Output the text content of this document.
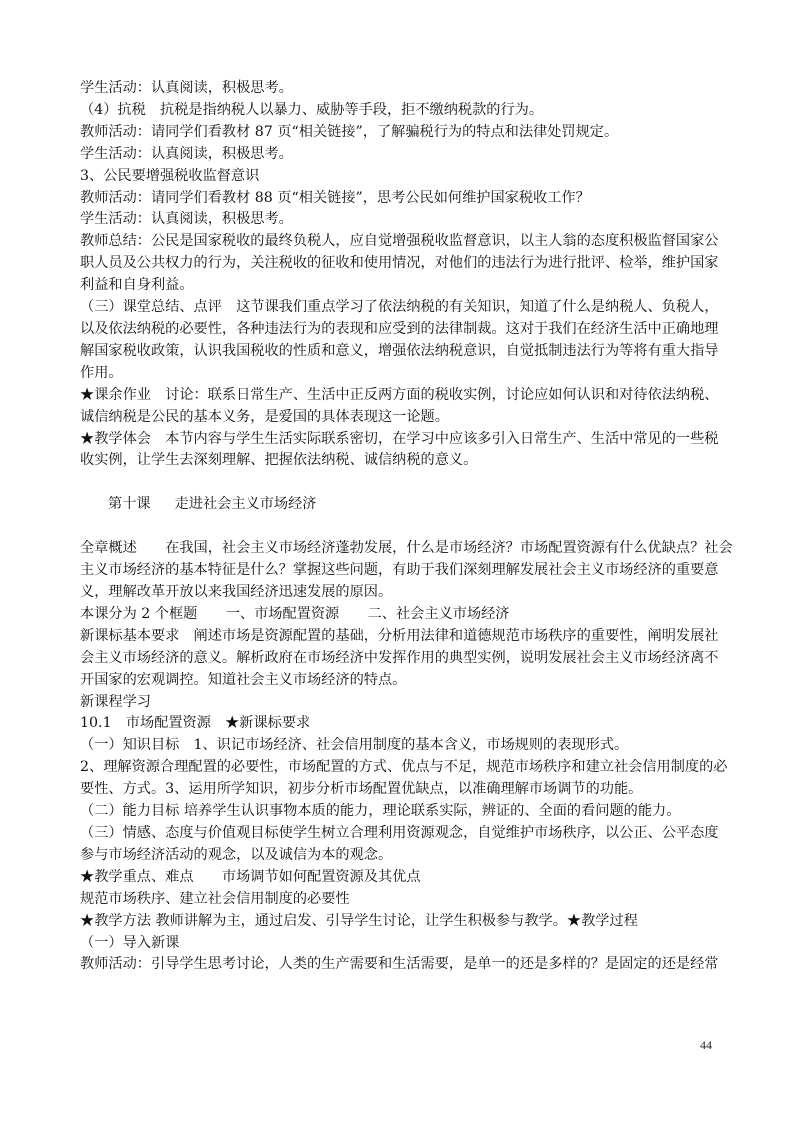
学生活动：认真阅读，积极思考。

（4）抗税　抗税是指纳税人以暴力、威胁等手段，拒不缴纳税款的行为。

教师活动：请同学们看教材 87 页“相关链接”，了解骗税行为的特点和法律处罚规定。

学生活动：认真阅读，积极思考。

3、公民要增强税收监督意识

教师活动：请同学们看教材 88 页“相关链接”，思考公民如何维护国家税收工作？

学生活动：认真阅读，积极思考。

教师总结：公民是国家税收的最终负税人，应自觉增强税收监督意识，以主人翁的态度积极监督国家公

职人员及公共权力的行为，关注税收的征收和使用情况，对他们的违法行为进行批评、检举，维护国家

利益和自身利益。

（三）课堂总结、点评　这节课我们重点学习了依法纳税的有关知识，知道了什么是纳税人、负税人，

以及依法纳税的必要性，各种违法行为的表现和应受到的法律制裁。这对于我们在经济生活中正确地理

解国家税收政策，认识我国税收的性质和意义，增强依法纳税意识，自觉抵制违法行为等将有重大指导

作用。

★课余作业　讨论：联系日常生产、生活中正反两方面的税收实例，讨论应如何认识和对待依法纳税、

诚信纳税是公民的基本义务，是爱国的具体表现这一论题。

★教学体会　本节内容与学生生活实际联系密切，在学习中应该多引入日常生产、生活中常见的一些税

收实例，让学生去深刻理解、把握依法纳税、诚信纳税的意义。

第十课 走进社会主义市场经济

全章概述　　在我国，社会主义市场经济蓬勃发展，什么是市场经济？市场配置资源有什么优缺点？社会

主义市场经济的基本特征是什么？掌握这些问题，有助于我们深刻理解发展社会主义市场经济的重要意

义，理解改革开放以来我国经济迅速发展的原因。

本课分为 2 个框题　　一、市场配置资源　　二、社会主义市场经济

新课标基本要求　阐述市场是资源配置的基础，分析用法律和道德规范市场秩序的重要性，阐明发展社

会主义市场经济的意义。解析政府在市场经济中发挥作用的典型实例，说明发展社会主义市场经济离不

开国家的宏观调控。知道社会主义市场经济的特点。

新课程学习

10.1　市场配置资源　★新课标要求

（一）知识目标　1、识记市场经济、社会信用制度的基本含义，市场规则的表现形式。

2、理解资源合理配置的必要性，市场配置的方式、优点与不足，规范市场秩序和建立社会信用制度的必

要性、方式。3、运用所学知识，初步分析市场配置优缺点，以准确理解市场调节的功能。

（二）能力目标 培养学生认识事物本质的能力，理论联系实际，辨证的、全面的看问题的能力。

（三）情感、态度与价值观目标使学生树立合理利用资源观念，自觉维护市场秩序，以公正、公平态度

参与市场经济活动的观念，以及诚信为本的观念。

★教学重点、难点　　市场调节如何配置资源及其优点

规范市场秩序、建立社会信用制度的必要性

★教学方法 教师讲解为主，通过启发、引导学生讨论，让学生积极参与教学。★教学过程

（一）导入新课

教师活动：引导学生思考讨论，人类的生产需要和生活需要，是单一的还是多样的？是固定的还是经常

44
